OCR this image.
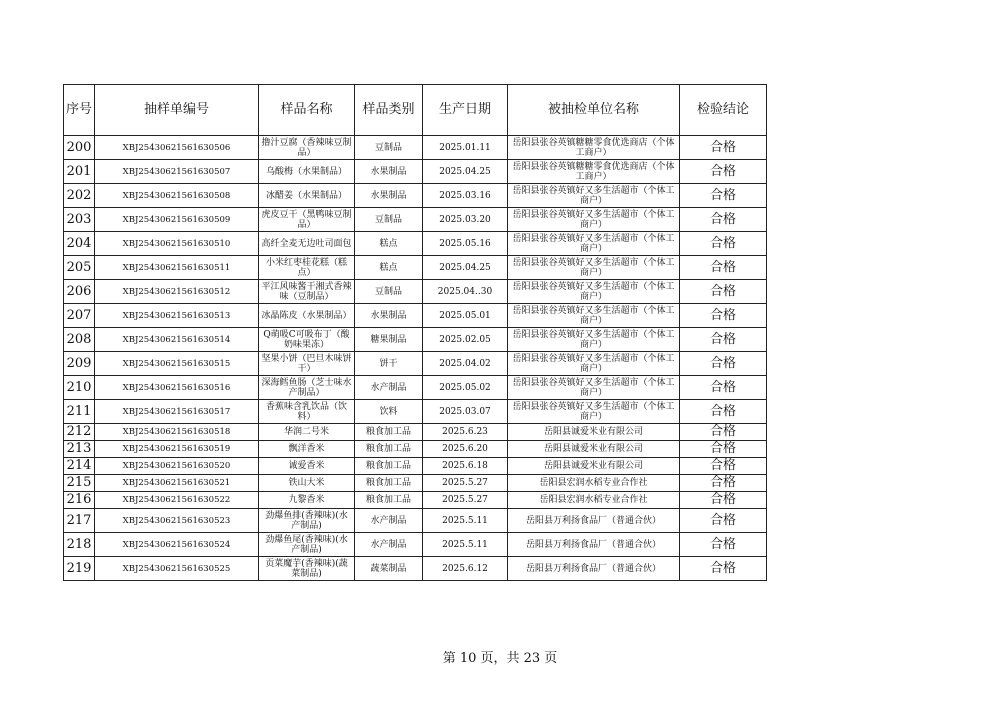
序号	抽样单编号	样品名称	样品类别	生产日期	被抽检单位名称	检验结论
200	XBJ25430621561630506	撸汁豆腐（香辣味豆制品）	豆制品	2025.01.11	岳阳县张谷英镇糖糖零食优选商店（个体工商户）	合格
201	XBJ25430621561630507	乌酸梅（水果制品）	水果制品	2025.04.25	岳阳县张谷英镇糖糖零食优选商店（个体工商户）	合格
202	XBJ25430621561630508	冰醋姜（水果制品）	水果制品	2025.03.16	岳阳县张谷英镇好又多生活超市（个体工商户）	合格
203	XBJ25430621561630509	虎皮豆干（黑鸭味豆制品）	豆制品	2025.03.20	岳阳县张谷英镇好又多生活超市（个体工商户）	合格
204	XBJ25430621561630510	高纤全麦无边吐司面包	糕点	2025.05.16	岳阳县张谷英镇好又多生活超市（个体工商户）	合格
205	XBJ25430621561630511	小米红枣桂花糕（糕点）	糕点	2025.04.25	岳阳县张谷英镇好又多生活超市（个体工商户）	合格
206	XBJ25430621561630512	平江风味酱干湘式香辣味（豆制品）	豆制品	2025.04..30	岳阳县张谷英镇好又多生活超市（个体工商户）	合格
207	XBJ25430621561630513	冰晶陈皮（水果制品）	水果制品	2025.05.01	岳阳县张谷英镇好又多生活超市（个体工商户）	合格
208	XBJ25430621561630514	Q萌吸C可吸布丁（酸奶味果冻）	糖果制品	2025.02.05	岳阳县张谷英镇好又多生活超市（个体工商户）	合格
209	XBJ25430621561630515	坚果小饼（巴旦木味饼干）	饼干	2025.04.02	岳阳县张谷英镇好又多生活超市（个体工商户）	合格
210	XBJ25430621561630516	深海鳕鱼肠（芝士味水产制品）	水产制品	2025.05.02	岳阳县张谷英镇好又多生活超市（个体工商户）	合格
211	XBJ25430621561630517	香蕉味含乳饮品（饮料）	饮料	2025.03.07	岳阳县张谷英镇好又多生活超市（个体工商户）	合格
212	XBJ25430621561630518	华润二号米	粮食加工品	2025.6.23	岳阳县诚爱米业有限公司	合格
213	XBJ25430621561630519	飘洋香米	粮食加工品	2025.6.20	岳阳县诚爱米业有限公司	合格
214	XBJ25430621561630520	诚爱香米	粮食加工品	2025.6.18	岳阳县诚爱米业有限公司	合格
215	XBJ25430621561630521	铁山大米	粮食加工品	2025.5.27	岳阳县宏润水稻专业合作社	合格
216	XBJ25430621561630522	九黎香米	粮食加工品	2025.5.27	岳阳县宏润水稻专业合作社	合格
217	XBJ25430621561630523	劲爆鱼排(香辣味)(水产制品)	水产制品	2025.5.11	岳阳县万利扬食品厂（普通合伙）	合格
218	XBJ25430621561630524	劲爆鱼尾(香辣味)(水产制品)	水产制品	2025.5.11	岳阳县万利扬食品厂（普通合伙）	合格
219	XBJ25430621561630525	贡菜魔芋(香辣味)(蔬菜制品)	蔬菜制品	2025.6.12	岳阳县万利扬食品厂（普通合伙）	合格
第 10 页，共 23 页
